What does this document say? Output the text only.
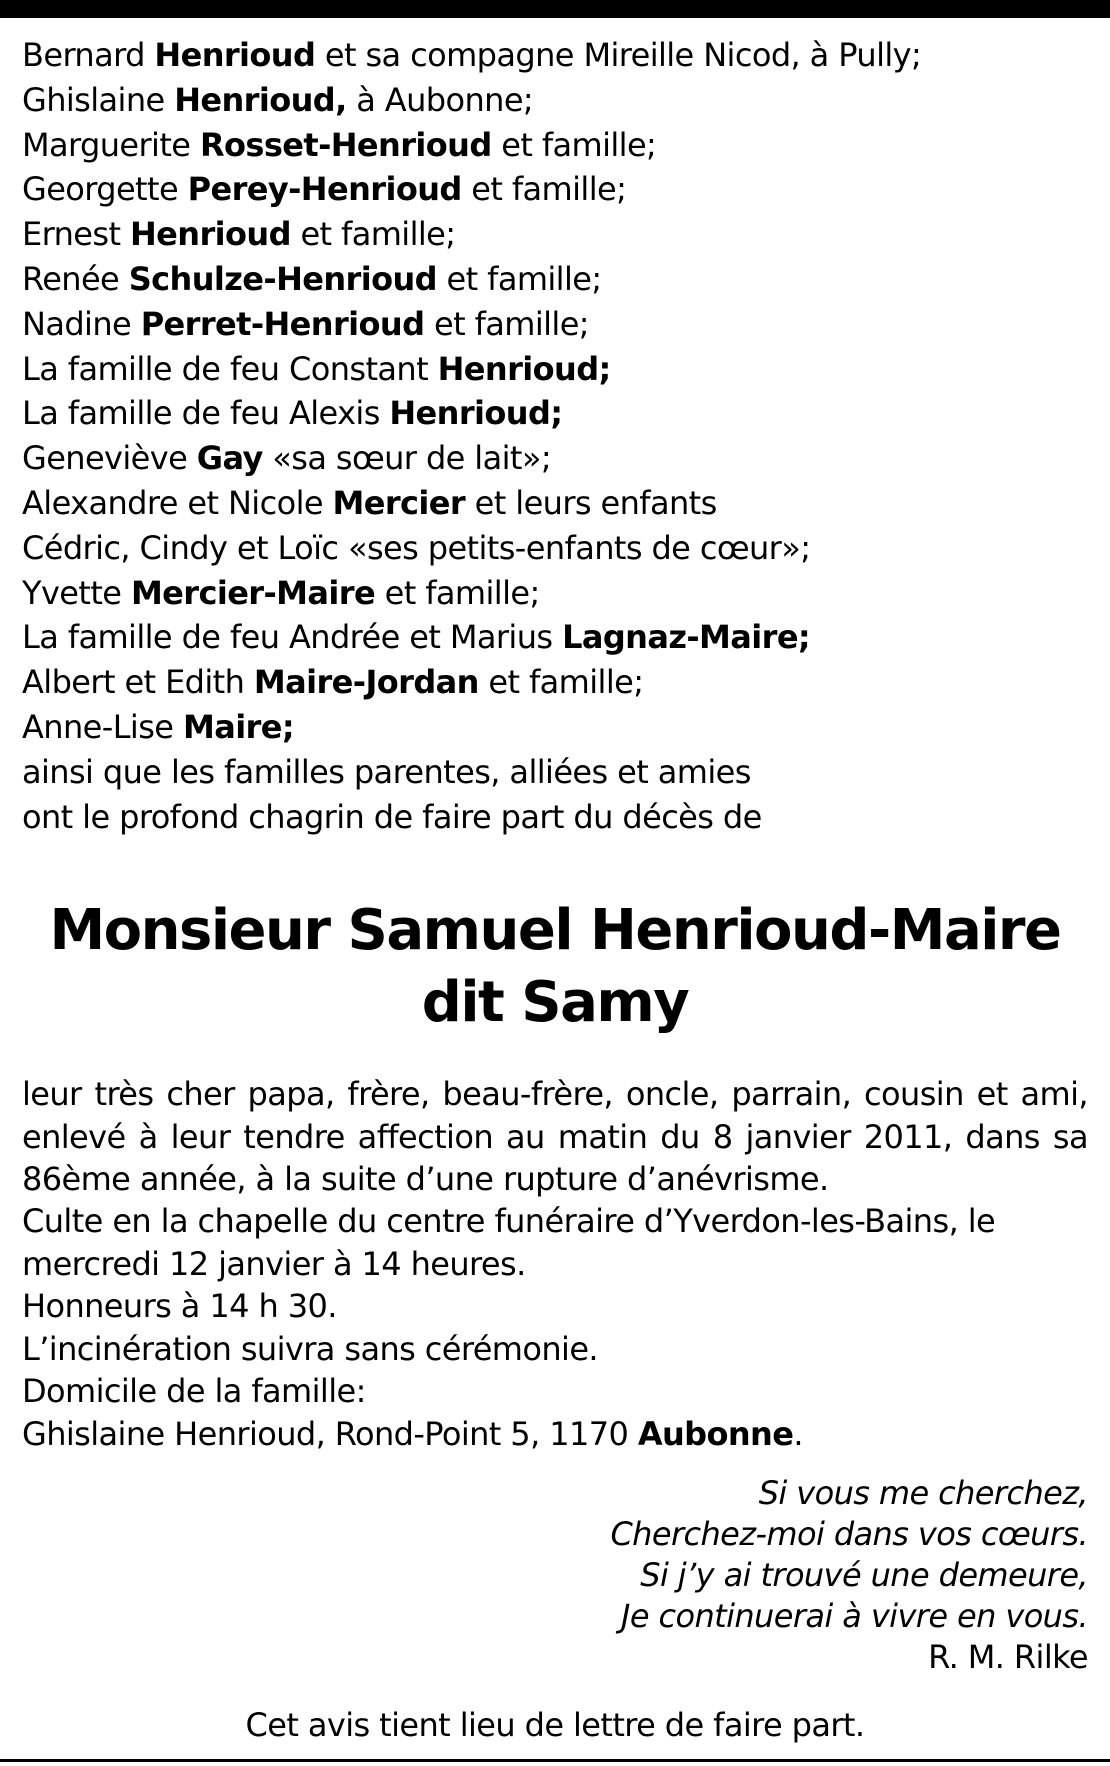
Bernard Henrioud et sa compagne Mireille Nicod, à Pully;
Ghislaine Henrioud, à Aubonne;
Marguerite Rosset-Henrioud et famille;
Georgette Perey-Henrioud et famille;
Ernest Henrioud et famille;
Renée Schulze-Henrioud et famille;
Nadine Perret-Henrioud et famille;
La famille de feu Constant Henrioud;
La famille de feu Alexis Henrioud;
Geneviève Gay «sa sœur de lait»;
Alexandre et Nicole Mercier et leurs enfants
Cédric, Cindy et Loïc «ses petits-enfants de cœur»;
Yvette Mercier-Maire et famille;
La famille de feu Andrée et Marius Lagnaz-Maire;
Albert et Edith Maire-Jordan et famille;
Anne-Lise Maire;
ainsi que les familles parentes, alliées et amies
ont le profond chagrin de faire part du décès de
Monsieur Samuel Henrioud-Maire
dit Samy

leur très cher papa, frère, beau-frère, oncle, parrain, cousin et ami, enlevé à leur tendre affection au matin du 8 janvier 2011, dans sa 86ème année, à la suite d’une rupture d’anévrisme.

Culte en la chapelle du centre funéraire d’Yverdon-les-Bains, le mercredi 12 janvier à 14 heures.
Honneurs à 14 h 30.
L’incinération suivra sans cérémonie.
Domicile de la famille:
Ghislaine Henrioud, Rond-Point 5, 1170 Aubonne.
Si vous me cherchez,
Cherchez-moi dans vos cœurs.
Si j’y ai trouvé une demeure,
Je continuerai à vivre en vous.
R. M. Rilke
Cet avis tient lieu de lettre de faire part.
